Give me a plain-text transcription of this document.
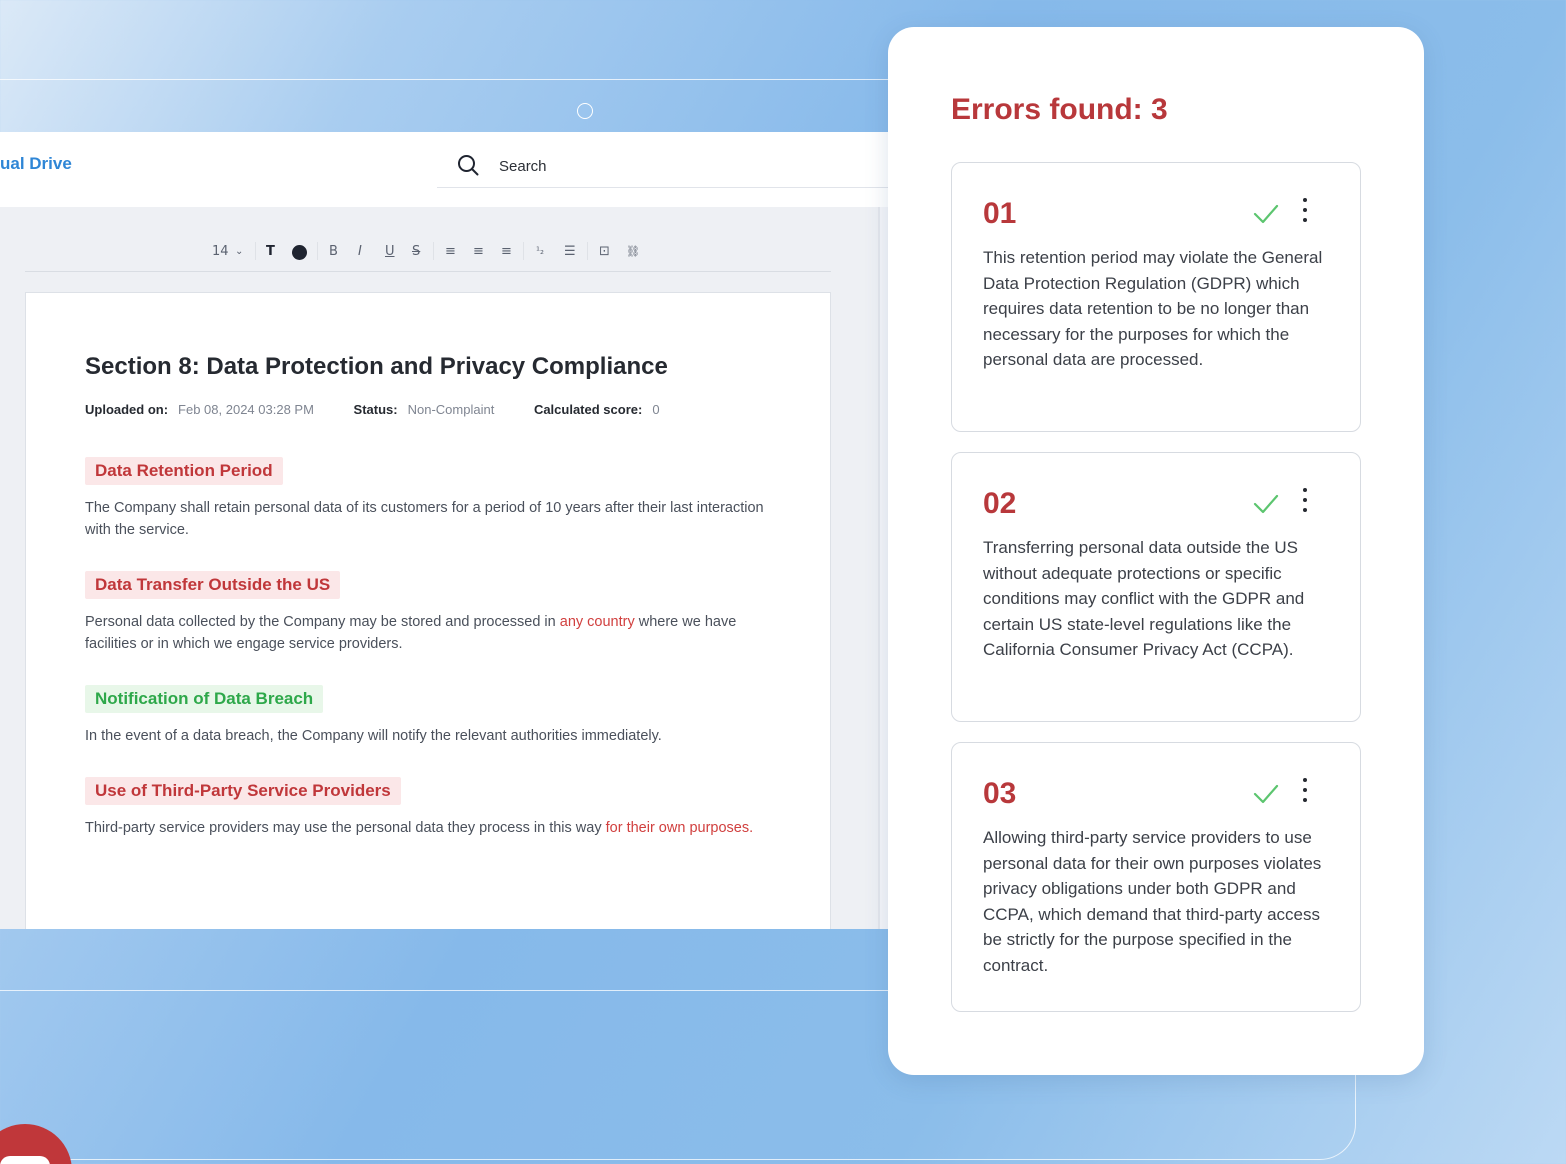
ual Drive	Search
14 ⌄ T	B I U S ≡ ≡ ≡ ¹₂ ☰ ⊡ ⛓
Section 8: Data Protection and Privacy Compliance
Uploaded on: Feb 08, 2024 03:28 PM	Status: Non-Complaint	Calculated score: 0
Data Retention Period
The Company shall retain personal data of its customers for a period of 10 years after their last interaction with the service.
Data Transfer Outside the US
Personal data collected by the Company may be stored and processed in any country where we have facilities or in which we engage service providers.
Notification of Data Breach
In the event of a data breach, the Company will notify the relevant authorities immediately.
Use of Third-Party Service Providers
Third-party service providers may use the personal data they process in this way for their own purposes.
Errors found: 3
01
This retention period may violate the General Data Protection Regulation (GDPR) which requires data retention to be no longer than necessary for the purposes for which the personal data are processed.
02
Transferring personal data outside the US without adequate protections or specific conditions may conflict with the GDPR and certain US state-level regulations like the California Consumer Privacy Act (CCPA).
03
Allowing third-party service providers to use personal data for their own purposes violates privacy obligations under both GDPR and CCPA, which demand that third-party access be strictly for the purpose specified in the contract.
